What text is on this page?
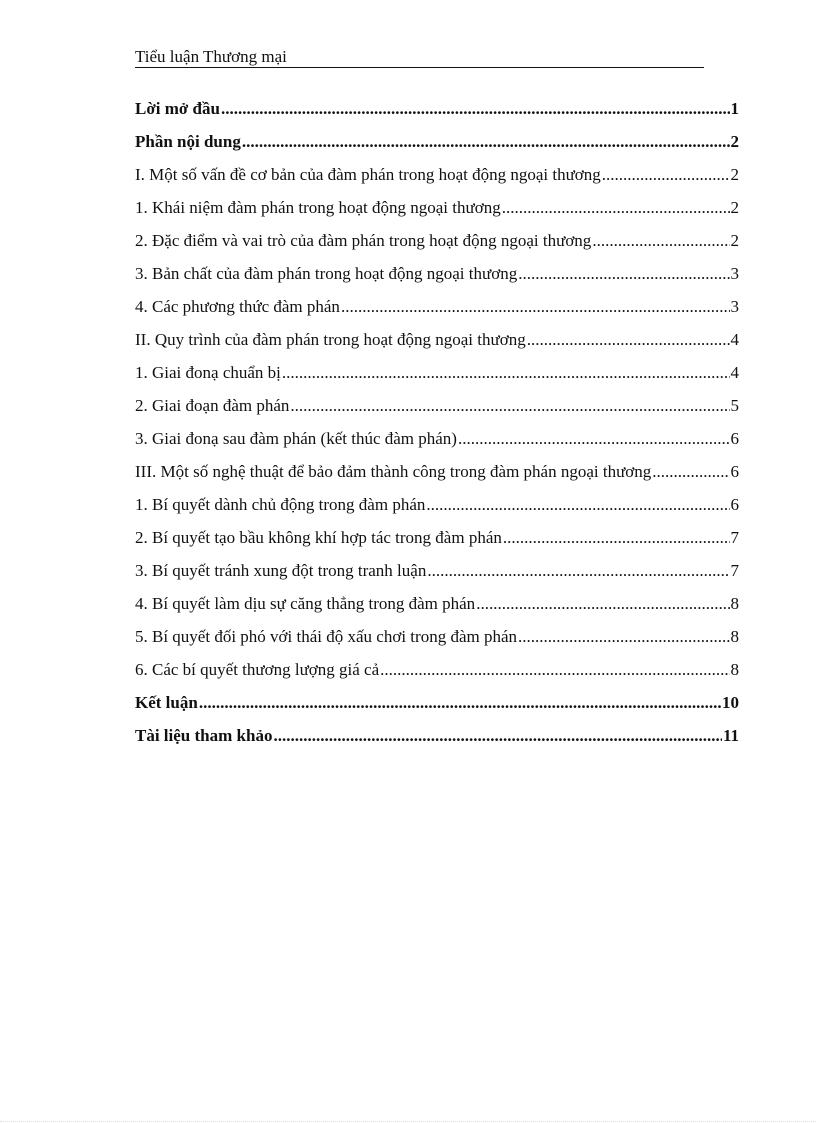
Tiểu luận Thương mại
Lời mở đầu .....	1
Phần nội dung .....	2
I. Một số vấn đề cơ bản của đàm phán trong hoạt động ngoại thương .....	2
1. Khái niệm đàm phán trong hoạt động ngoại thương .....	2
2. Đặc điểm và vai trò của đàm phán trong hoạt động ngoại thương .....	2
3. Bản chất của đàm phán trong hoạt động ngoại thương .....	3
4. Các phương thức đàm phán .....	3
II. Quy trình của đàm phán trong hoạt động ngoại thương .....	4
1. Giai đonạ chuẩn bị .....	4
2. Giai đoạn đàm phán .....	5
3. Giai đonạ sau đàm phán (kết thúc đàm phán) .....	6
III. Một số nghệ thuật để bảo đảm thành công trong đàm phán ngoại thương .....	6
1. Bí quyết dành chủ động trong đàm phán .....	6
2. Bí quyết tạo bầu không khí hợp tác trong đàm phán .....	7
3. Bí quyết tránh xung đột trong tranh luận .....	7
4. Bí quyết làm dịu sự căng thẳng trong đàm phán .....	8
5. Bí quyết đối phó với thái độ xấu chơi trong đàm phán .....	8
6. Các bí quyết thương lượng giá cả .....	8
Kết luận .....	10
Tài liệu tham khảo .....	11
